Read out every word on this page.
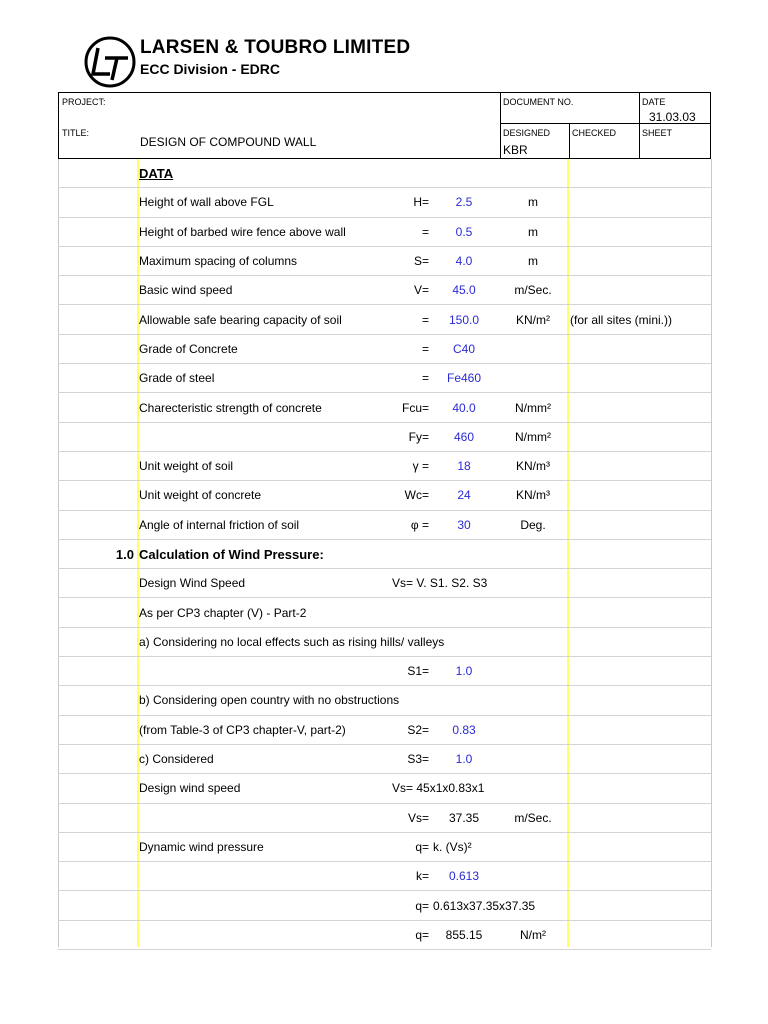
LARSEN & TOUBRO LIMITED
ECC Division - EDRC
PROJECT:
TITLE:
DESIGN OF COMPOUND WALL
DOCUMENT NO.	DATE
31.03.03
DESIGNED
KBR
CHECKED	SHEET
DATA
Height of wall above FGL	H=	2.5	m
Height of barbed wire fence above wall	=	0.5	m
Maximum spacing of columns	S=	4.0	m
Basic wind speed	V=	45.0	m/Sec.
Allowable safe bearing capacity of soil	=	150.0	KN/m²	(for all sites (mini.))
Grade of Concrete	=	C40
Grade of steel	=	Fe460
Charecteristic strength of concrete	Fcu=	40.0	N/mm²
Fy=	460	N/mm²
Unit weight of soil	γ =	18	KN/m³
Unit weight of concrete	Wc=	24	KN/m³
Angle of internal friction of soil	φ =	30	Deg.
1.0 Calculation of Wind Pressure:
Design Wind Speed	Vs= V. S1. S2. S3
As per CP3 chapter (V) - Part-2
a) Considering no local effects such as rising hills/ valleys
S1=	1.0
b) Considering open country with no obstructions
(from Table-3 of CP3 chapter-V, part-2)	S2=	0.83
c) Considered	S3=	1.0
Design wind speed	Vs= 45x1x0.83x1
Vs=	37.35	m/Sec.
Dynamic wind pressure	q= k. (Vs)²
k=	0.613
q= 0.613x37.35x37.35
q=	855.15	N/m²
